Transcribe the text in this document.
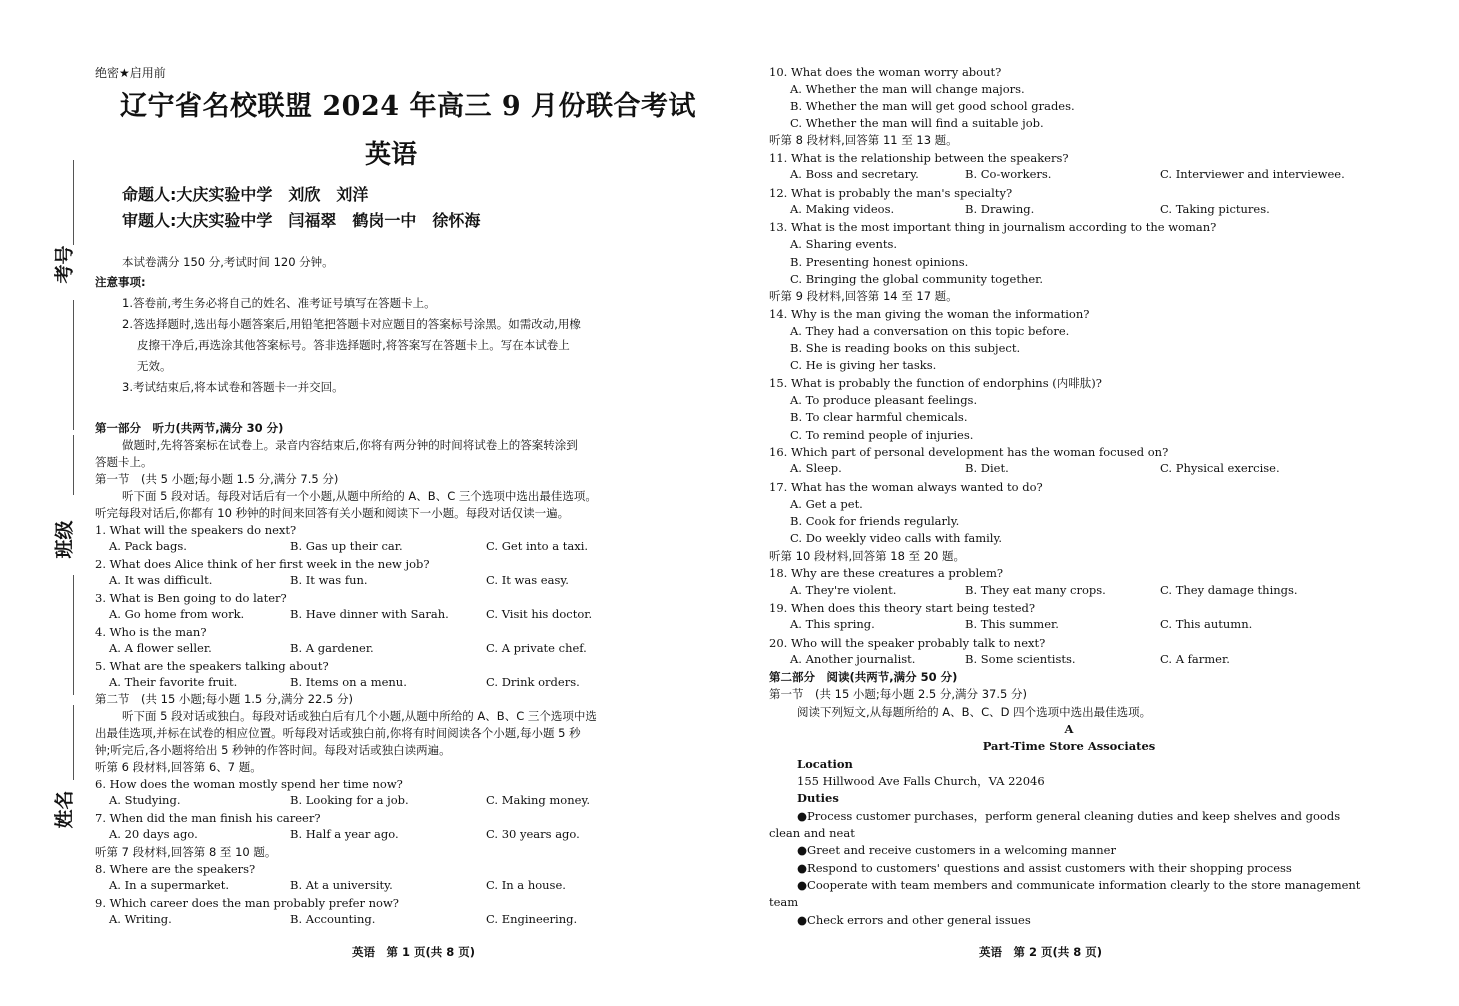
考号
班级
姓名
绝密★启用前
辽宁省名校联盟 2024 年高三 9 月份联合考试
英语
命题人:大庆实验中学　刘欣　刘洋
审题人:大庆实验中学　闫福翠　鹤岗一中　徐怀海
本试卷满分 150 分,考试时间 120 分钟。
注意事项:
1.答卷前,考生务必将自己的姓名、准考证号填写在答题卡上。
2.答选择题时,选出每小题答案后,用铅笔把答题卡对应题目的答案标号涂黑。如需改动,用橡
皮擦干净后,再选涂其他答案标号。答非选择题时,将答案写在答题卡上。写在本试卷上
无效。
3.考试结束后,将本试卷和答题卡一并交回。
第一部分　听力(共两节,满分 30 分)
做题时,先将答案标在试卷上。录音内容结束后,你将有两分钟的时间将试卷上的答案转涂到
答题卡上。
第一节　(共 5 小题;每小题 1.5 分,满分 7.5 分)
听下面 5 段对话。每段对话后有一个小题,从题中所给的 A、B、C 三个选项中选出最佳选项。
听完每段对话后,你都有 10 秒钟的时间来回答有关小题和阅读下一小题。每段对话仅读一遍。
1. What will the speakers do next?
A. Pack bags.	B. Gas up their car.	C. Get into a taxi.
2. What does Alice think of her first week in the new job?
A. It was difficult.	B. It was fun.	C. It was easy.
3. What is Ben going to do later?
A. Go home from work.	B. Have dinner with Sarah.	C. Visit his doctor.
4. Who is the man?
A. A flower seller.	B. A gardener.	C. A private chef.
5. What are the speakers talking about?
A. Their favorite fruit.	B. Items on a menu.	C. Drink orders.
第二节　(共 15 小题;每小题 1.5 分,满分 22.5 分)
听下面 5 段对话或独白。每段对话或独白后有几个小题,从题中所给的 A、B、C 三个选项中选
出最佳选项,并标在试卷的相应位置。听每段对话或独白前,你将有时间阅读各个小题,每小题 5 秒
钟;听完后,各小题将给出 5 秒钟的作答时间。每段对话或独白读两遍。
听第 6 段材料,回答第 6、7 题。
6. How does the woman mostly spend her time now?
A. Studying.	B. Looking for a job.	C. Making money.
7. When did the man finish his career?
A. 20 days ago.	B. Half a year ago.	C. 30 years ago.
听第 7 段材料,回答第 8 至 10 题。
8. Where are the speakers?
A. In a supermarket.	B. At a university.	C. In a house.
9. Which career does the man probably prefer now?
A. Writing.	B. Accounting.	C. Engineering.
英语　第 1 页(共 8 页)
10. What does the woman worry about?
A. Whether the man will change majors.
B. Whether the man will get good school grades.
C. Whether the man will find a suitable job.
听第 8 段材料,回答第 11 至 13 题。
11. What is the relationship between the speakers?
A. Boss and secretary.	B. Co-workers.	C. Interviewer and interviewee.
12. What is probably the man's specialty?
A. Making videos.	B. Drawing.	C. Taking pictures.
13. What is the most important thing in journalism according to the woman?
A. Sharing events.
B. Presenting honest opinions.
C. Bringing the global community together.
听第 9 段材料,回答第 14 至 17 题。
14. Why is the man giving the woman the information?
A. They had a conversation on this topic before.
B. She is reading books on this subject.
C. He is giving her tasks.
15. What is probably the function of endorphins (内啡肽)?
A. To produce pleasant feelings.
B. To clear harmful chemicals.
C. To remind people of injuries.
16. Which part of personal development has the woman focused on?
A. Sleep.	B. Diet.	C. Physical exercise.
17. What has the woman always wanted to do?
A. Get a pet.
B. Cook for friends regularly.
C. Do weekly video calls with family.
听第 10 段材料,回答第 18 至 20 题。
18. Why are these creatures a problem?
A. They're violent.	B. They eat many crops.	C. They damage things.
19. When does this theory start being tested?
A. This spring.	B. This summer.	C. This autumn.
20. Who will the speaker probably talk to next?
A. Another journalist.	B. Some scientists.	C. A farmer.
第二部分　阅读(共两节,满分 50 分)
第一节　(共 15 小题;每小题 2.5 分,满分 37.5 分)
阅读下列短文,从每题所给的 A、B、C、D 四个选项中选出最佳选项。
A
Part-Time Store Associates
Location
155 Hillwood Ave Falls Church，VA 22046
Duties
●Process customer purchases，perform general cleaning duties and keep shelves and goods
clean and neat
●Greet and receive customers in a welcoming manner
●Respond to customers' questions and assist customers with their shopping process
●Cooperate with team members and communicate information clearly to the store management
team
●Check errors and other general issues
英语　第 2 页(共 8 页)
